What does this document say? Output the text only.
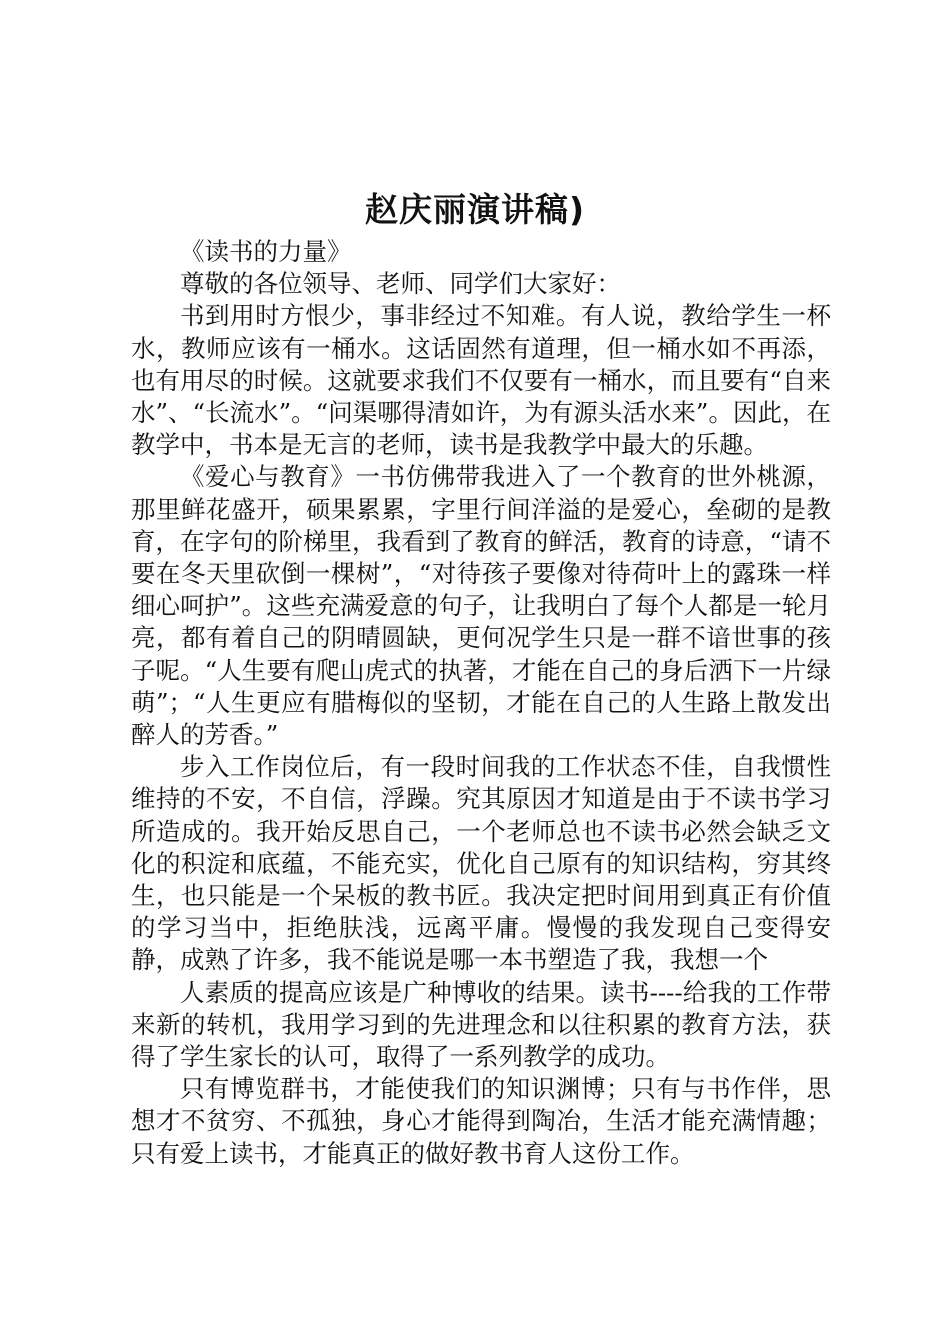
赵庆丽演讲稿)

《读书的力量》

尊敬的各位领导、老师、同学们大家好：

书到用时方恨少，事非经过不知难。有人说，教给学生一杯水，教师应该有一桶水。这话固然有道理，但一桶水如不再添，也有用尽的时候。这就要求我们不仅要有一桶水，而且要有“自来水”、“长流水”。“问渠哪得清如许，为有源头活水来”。因此，在教学中，书本是无言的老师，读书是我教学中最大的乐趣。

《爱心与教育》一书仿佛带我进入了一个教育的世外桃源，那里鲜花盛开，硕果累累，字里行间洋溢的是爱心，垒砌的是教育，在字句的阶梯里，我看到了教育的鲜活，教育的诗意，“请不要在冬天里砍倒一棵树”，“对待孩子要像对待荷叶上的露珠一样细心呵护”。这些充满爱意的句子，让我明白了每个人都是一轮月亮，都有着自己的阴晴圆缺，更何况学生只是一群不谙世事的孩子呢。“人生要有爬山虎式的执著，才能在自己的身后洒下一片绿萌”；“人生更应有腊梅似的坚韧，才能在自己的人生路上散发出醉人的芳香。”

步入工作岗位后，有一段时间我的工作状态不佳，自我惯性维持的不安，不自信，浮躁。究其原因才知道是由于不读书学习所造成的。我开始反思自己，一个老师总也不读书必然会缺乏文化的积淀和底蕴，不能充实，优化自己原有的知识结构，穷其终生，也只能是一个呆板的教书匠。我决定把时间用到真正有价值的学习当中，拒绝肤浅，远离平庸。慢慢的我发现自己变得安静，成熟了许多，我不能说是哪一本书塑造了我，我想一个

人素质的提高应该是广种博收的结果。读书----给我的工作带来新的转机，我用学习到的先进理念和以往积累的教育方法，获得了学生家长的认可，取得了一系列教学的成功。

只有博览群书，才能使我们的知识渊博；只有与书作伴，思想才不贫穷、不孤独，身心才能得到陶冶，生活才能充满情趣；只有爱上读书，才能真正的做好教书育人这份工作。
